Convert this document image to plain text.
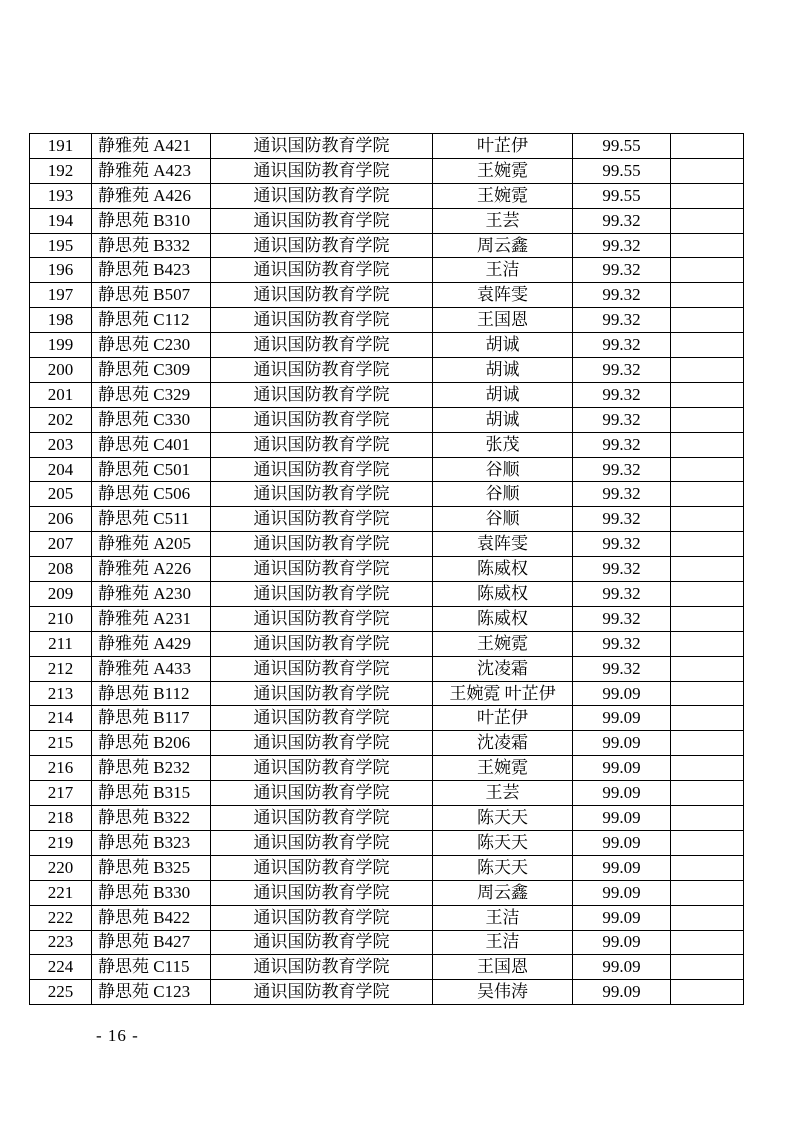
191	静雅苑 A421	通识国防教育学院	叶芷伊	99.55	
192	静雅苑 A423	通识国防教育学院	王婉霓	99.55	
193	静雅苑 A426	通识国防教育学院	王婉霓	99.55	
194	静思苑 B310	通识国防教育学院	王芸	99.32	
195	静思苑 B332	通识国防教育学院	周云鑫	99.32	
196	静思苑 B423	通识国防教育学院	王洁	99.32	
197	静思苑 B507	通识国防教育学院	袁阵雯	99.32	
198	静思苑 C112	通识国防教育学院	王国恩	99.32	
199	静思苑 C230	通识国防教育学院	胡诚	99.32	
200	静思苑 C309	通识国防教育学院	胡诚	99.32	
201	静思苑 C329	通识国防教育学院	胡诚	99.32	
202	静思苑 C330	通识国防教育学院	胡诚	99.32	
203	静思苑 C401	通识国防教育学院	张茂	99.32	
204	静思苑 C501	通识国防教育学院	谷顺	99.32	
205	静思苑 C506	通识国防教育学院	谷顺	99.32	
206	静思苑 C511	通识国防教育学院	谷顺	99.32	
207	静雅苑 A205	通识国防教育学院	袁阵雯	99.32	
208	静雅苑 A226	通识国防教育学院	陈威权	99.32	
209	静雅苑 A230	通识国防教育学院	陈威权	99.32	
210	静雅苑 A231	通识国防教育学院	陈威权	99.32	
211	静雅苑 A429	通识国防教育学院	王婉霓	99.32	
212	静雅苑 A433	通识国防教育学院	沈凌霜	99.32	
213	静思苑 B112	通识国防教育学院	王婉霓 叶芷伊	99.09	
214	静思苑 B117	通识国防教育学院	叶芷伊	99.09	
215	静思苑 B206	通识国防教育学院	沈凌霜	99.09	
216	静思苑 B232	通识国防教育学院	王婉霓	99.09	
217	静思苑 B315	通识国防教育学院	王芸	99.09	
218	静思苑 B322	通识国防教育学院	陈天天	99.09	
219	静思苑 B323	通识国防教育学院	陈天天	99.09	
220	静思苑 B325	通识国防教育学院	陈天天	99.09	
221	静思苑 B330	通识国防教育学院	周云鑫	99.09	
222	静思苑 B422	通识国防教育学院	王洁	99.09	
223	静思苑 B427	通识国防教育学院	王洁	99.09	
224	静思苑 C115	通识国防教育学院	王国恩	99.09	
225	静思苑 C123	通识国防教育学院	吴伟涛	99.09	
- 16 -
